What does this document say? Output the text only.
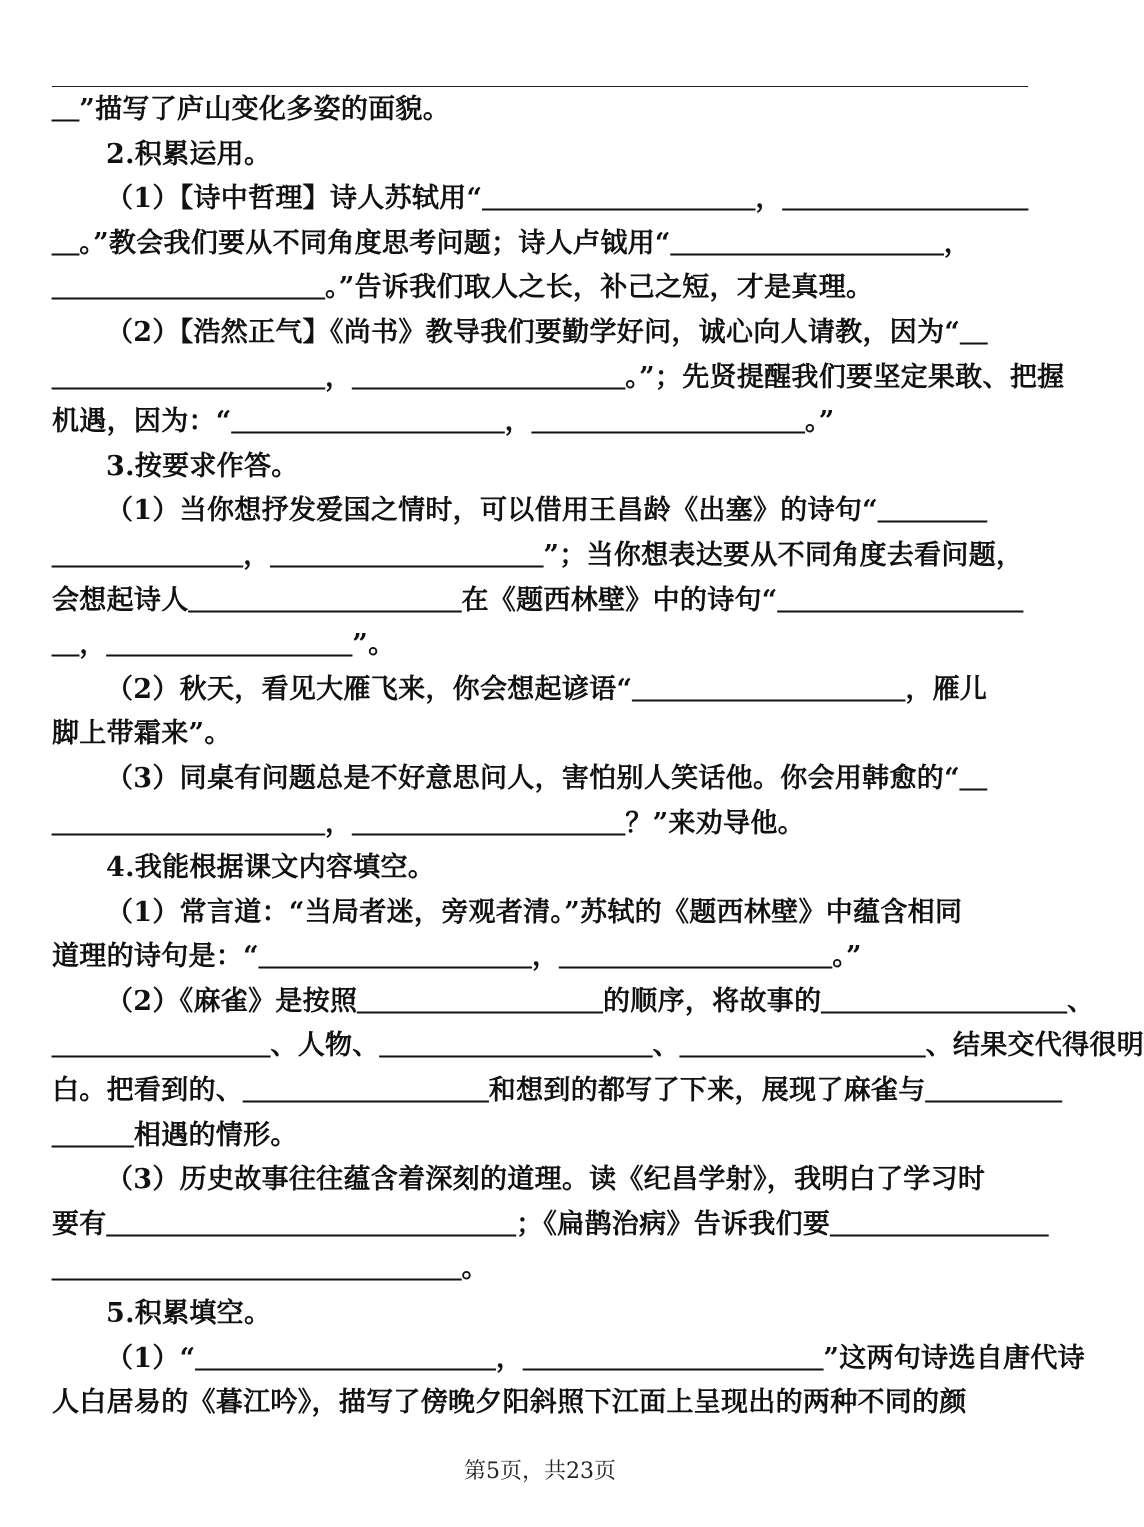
＿”描写了庐山变化多姿的面貌。
2.积累运用。
（1）【诗中哲理】诗人苏轼用“＿＿＿＿＿＿＿＿＿＿，＿＿＿＿＿＿＿＿＿
＿。”教会我们要从不同角度思考问题；诗人卢钺用“＿＿＿＿＿＿＿＿＿＿，
＿＿＿＿＿＿＿＿＿＿。”告诉我们取人之长，补己之短，才是真理。
（2）【浩然正气】《尚书》教导我们要勤学好问，诚心向人请教，因为“＿
＿＿＿＿＿＿＿＿＿＿，＿＿＿＿＿＿＿＿＿＿。”；先贤提醒我们要坚定果敢、把握
机遇，因为：“＿＿＿＿＿＿＿＿＿＿，＿＿＿＿＿＿＿＿＿＿。”
3.按要求作答。
（1）当你想抒发爱国之情时，可以借用王昌龄《出塞》的诗句“＿＿＿＿
＿＿＿＿＿＿＿，＿＿＿＿＿＿＿＿＿＿”；当你想表达要从不同角度去看问题，
会想起诗人＿＿＿＿＿＿＿＿＿＿在《题西林壁》中的诗句“＿＿＿＿＿＿＿＿＿
＿，＿＿＿＿＿＿＿＿＿”。
（2）秋天，看见大雁飞来，你会想起谚语“＿＿＿＿＿＿＿＿＿＿，雁儿
脚上带霜来”。
（3）同桌有问题总是不好意思问人，害怕别人笑话他。你会用韩愈的“＿
＿＿＿＿＿＿＿＿＿＿，＿＿＿＿＿＿＿＿＿＿？”来劝导他。
4.我能根据课文内容填空。
（1）常言道：“当局者迷，旁观者清。”苏轼的《题西林壁》中蕴含相同
道理的诗句是：“＿＿＿＿＿＿＿＿＿＿，＿＿＿＿＿＿＿＿＿＿。”
（2）《麻雀》是按照＿＿＿＿＿＿＿＿＿的顺序，将故事的＿＿＿＿＿＿＿＿＿、
＿＿＿＿＿＿＿＿、人物、＿＿＿＿＿＿＿＿＿＿、＿＿＿＿＿＿＿＿＿、结果交代得很明
白。把看到的、＿＿＿＿＿＿＿＿＿和想到的都写了下来，展现了麻雀与＿＿＿＿＿
＿＿＿相遇的情形。
（3）历史故事往往蕴含着深刻的道理。读《纪昌学射》，我明白了学习时
要有＿＿＿＿＿＿＿＿＿＿＿＿＿＿＿；《扁鹊治病》告诉我们要＿＿＿＿＿＿＿＿
＿＿＿＿＿＿＿＿＿＿＿＿＿＿＿。
5.积累填空。
（1）“＿＿＿＿＿＿＿＿＿＿＿，＿＿＿＿＿＿＿＿＿＿＿”这两句诗选自唐代诗
人白居易的《暮江吟》，描写了傍晚夕阳斜照下江面上呈现出的两种不同的颜
第5页，共23页
